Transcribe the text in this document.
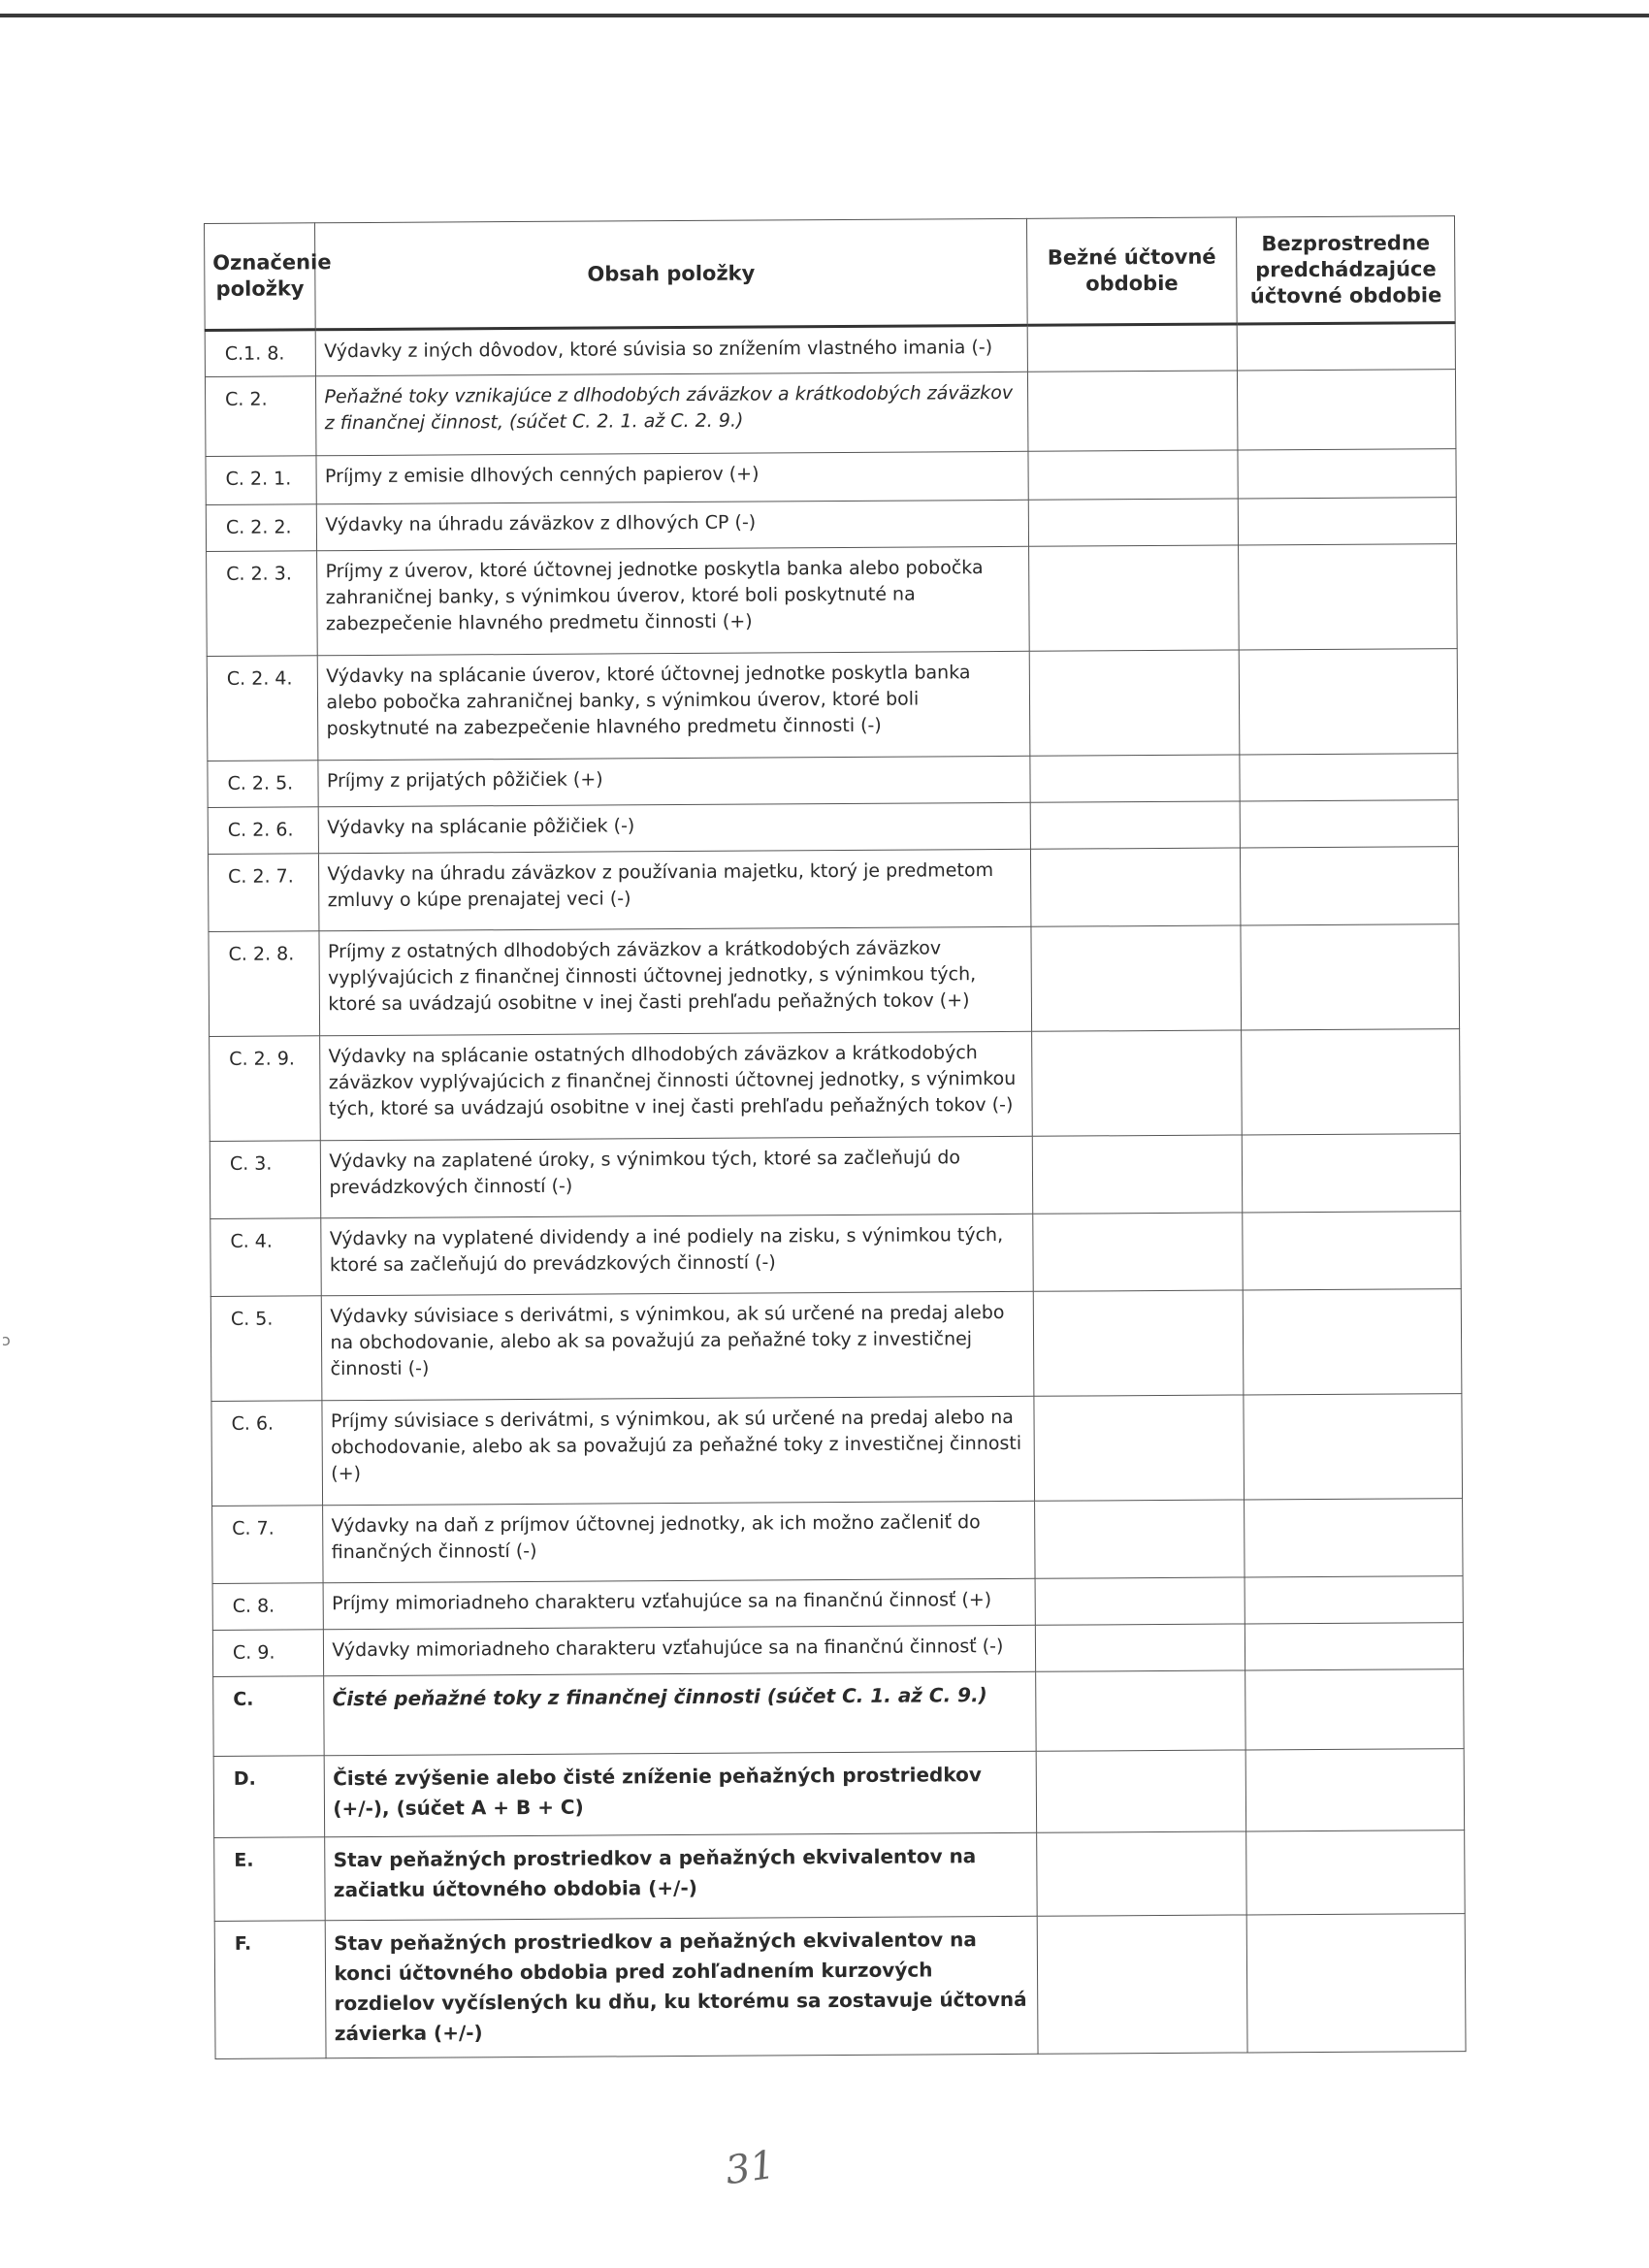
Označenie položky	Obsah položky	Bežné účtovné obdobie	Bezprostredne predchádzajúce účtovné obdobie
C.1. 8.	Výdavky z iných dôvodov, ktoré súvisia so znížením vlastného imania (-)		
C. 2.	Peňažné toky vznikajúce z dlhodobých záväzkov a krátkodobých záväzkov z finančnej činnost, (súčet C. 2. 1. až C. 2. 9.)		
C. 2. 1.	Príjmy z emisie dlhových cenných papierov (+)		
C. 2. 2.	Výdavky na úhradu záväzkov z dlhových CP (-)		
C. 2. 3.	Príjmy z úverov, ktoré účtovnej jednotke poskytla banka alebo pobočka zahraničnej banky, s výnimkou úverov, ktoré boli poskytnuté na zabezpečenie hlavného predmetu činnosti (+)		
C. 2. 4.	Výdavky na splácanie úverov, ktoré účtovnej jednotke poskytla banka alebo pobočka zahraničnej banky, s výnimkou úverov, ktoré boli poskytnuté na zabezpečenie hlavného predmetu činnosti (-)		
C. 2. 5.	Príjmy z prijatých pôžičiek (+)		
C. 2. 6.	Výdavky na splácanie pôžičiek (-)		
C. 2. 7.	Výdavky na úhradu záväzkov z používania majetku, ktorý je predmetom zmluvy o kúpe prenajatej veci (-)		
C. 2. 8.	Príjmy z ostatných dlhodobých záväzkov a krátkodobých záväzkov vyplývajúcich z finančnej činnosti účtovnej jednotky, s výnimkou tých, ktoré sa uvádzajú osobitne v inej časti prehľadu peňažných tokov (+)		
C. 2. 9.	Výdavky na splácanie ostatných dlhodobých záväzkov a krátkodobých záväzkov vyplývajúcich z finančnej činnosti účtovnej jednotky, s výnimkou tých, ktoré sa uvádzajú osobitne v inej časti prehľadu peňažných tokov (-)		
C. 3.	Výdavky na zaplatené úroky, s výnimkou tých, ktoré sa začleňujú do prevádzkových činností (-)		
C. 4.	Výdavky na vyplatené dividendy a iné podiely na zisku, s výnimkou tých, ktoré sa začleňujú do prevádzkových činností (-)		
C. 5.	Výdavky súvisiace s derivátmi, s výnimkou, ak sú určené na predaj alebo na obchodovanie, alebo ak sa považujú za peňažné toky z investičnej činnosti (-)		
C. 6.	Príjmy súvisiace s derivátmi, s výnimkou, ak sú určené na predaj alebo na obchodovanie, alebo ak sa považujú za peňažné toky z investičnej činnosti (+)		
C. 7.	Výdavky na daň z príjmov účtovnej jednotky, ak ich možno začleniť do finančných činností (-)		
C. 8.	Príjmy mimoriadneho charakteru vzťahujúce sa na finančnú činnosť (+)		
C. 9.	Výdavky mimoriadneho charakteru vzťahujúce sa na finančnú činnosť (-)		
C.	Čisté peňažné toky z finančnej činnosti (súčet C. 1. až C. 9.)		
D.	Čisté zvýšenie alebo čisté zníženie peňažných prostriedkov (+/-), (súčet A + B + C)		
E.	Stav peňažných prostriedkov a peňažných ekvivalentov na začiatku účtovného obdobia (+/-)		
F.	Stav peňažných prostriedkov a peňažných ekvivalentov na konci účtovného obdobia pred zohľadnením kurzových rozdielov vyčíslených ku dňu, ku ktorému sa zostavuje účtovná závierka (+/-)		
ↄ
31
